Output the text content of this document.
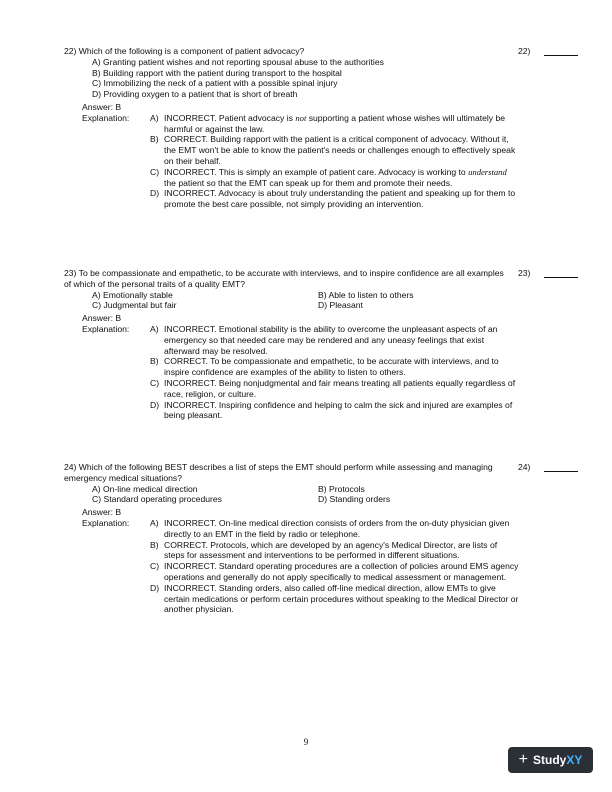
22) Which of the following is a component of patient advocacy?	22)
A) Granting patient wishes and not reporting spousal abuse to the authorities
B) Building rapport with the patient during transport to the hospital
C) Immobilizing the neck of a patient with a possible spinal injury
D) Providing oxygen to a patient that is short of breath
Answer: B
Explanation:	A) INCORRECT. Patient advocacy is not supporting a patient whose wishes will ultimately be harmful or against the law.
B) CORRECT. Building rapport with the patient is a critical component of advocacy. Without it, the EMT won't be able to know the patient's needs or challenges enough to effectively speak on their behalf.
C) INCORRECT. This is simply an example of patient care. Advocacy is working to understand the patient so that the EMT can speak up for them and promote their needs.
D) INCORRECT. Advocacy is about truly understanding the patient and speaking up for them to promote the best care possible, not simply providing an intervention.
23) To be compassionate and empathetic, to be accurate with interviews, and to inspire confidence are all examples of which of the personal traits of a quality EMT?
23)
A) Emotionally stable	B) Able to listen to others
C) Judgmental but fair	D) Pleasant
Answer: B
Explanation:	A) INCORRECT. Emotional stability is the ability to overcome the unpleasant aspects of an emergency so that needed care may be rendered and any uneasy feelings that exist afterward may be resolved.
B) CORRECT. To be compassionate and empathetic, to be accurate with interviews, and to inspire confidence are examples of the ability to listen to others.
C) INCORRECT. Being nonjudgmental and fair means treating all patients equally regardless of race, religion, or culture.
D) INCORRECT. Inspiring confidence and helping to calm the sick and injured are examples of being pleasant.
24) Which of the following BEST describes a list of steps the EMT should perform while assessing and managing emergency medical situations?
24)
A) On-line medical direction	B) Protocols
C) Standard operating procedures	D) Standing orders
Answer: B
Explanation:	A) INCORRECT. On-line medical direction consists of orders from the on-duty physician given directly to an EMT in the field by radio or telephone.
B) CORRECT. Protocols, which are developed by an agency's Medical Director, are lists of steps for assessment and interventions to be performed in different situations.
C) INCORRECT. Standard operating procedures are a collection of policies around EMS agency operations and generally do not apply specifically to medical assessment or management.
D) INCORRECT. Standing orders, also called off-line medical direction, allow EMTs to give certain medications or perform certain procedures without speaking to the Medical Director or another physician.
9
+ Study XY
